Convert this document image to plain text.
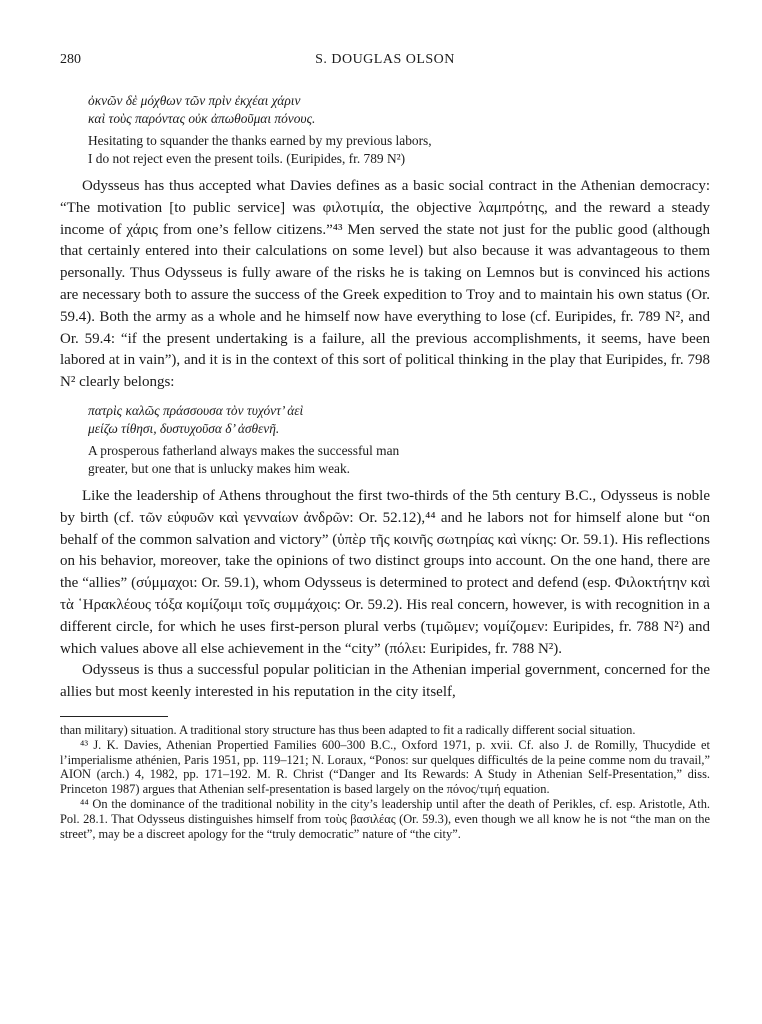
280	S. DOUGLAS OLSON

ὀκνῶν δὲ μόχθων τῶν πρὶν ἐκχέαι χάριν

καὶ τοὺς παρόντας οὐκ ἀπωθοῦμαι πόνους.

Hesitating to squander the thanks earned by my previous labors,

I do not reject even the present toils. (Euripides, fr. 789 N²)

Odysseus has thus accepted what Davies defines as a basic social contract in the Athenian democracy: “The motivation [to public service] was φιλοτιμία, the objective λαμπρότης, and the reward a steady income of χάρις from one’s fellow citizens.”⁴³ Men served the state not just for the public good (although that certainly entered into their calculations on some level) but also because it was advantageous to them personally. Thus Odysseus is fully aware of the risks he is taking on Lemnos but is convinced his actions are necessary both to assure the success of the Greek expedition to Troy and to maintain his own status (Or. 59.4). Both the army as a whole and he himself now have everything to lose (cf. Euripides, fr. 789 N², and Or. 59.4: “if the present undertaking is a failure, all the previous accomplishments, it seems, have been labored at in vain”), and it is in the context of this sort of political thinking in the play that Euripides, fr. 798 N² clearly belongs:

πατρὶς καλῶς πράσσουσα τὸν τυχόντ’ ἀεὶ

μείζω τίθησι, δυστυχοῦσα δ’ ἀσθενῆ.

A prosperous fatherland always makes the successful man

greater, but one that is unlucky makes him weak.

Like the leadership of Athens throughout the first two-thirds of the 5th century B.C., Odysseus is noble by birth (cf. τῶν εὐφυῶν καὶ γενναίων ἀνδρῶν: Or. 52.12),⁴⁴ and he labors not for himself alone but “on behalf of the common salvation and victory” (ὑπὲρ τῆς κοινῆς σωτηρίας καὶ νίκης: Or. 59.1). His reflections on his behavior, moreover, take the opinions of two distinct groups into account. On the one hand, there are the “allies” (σύμμαχοι: Or. 59.1), whom Odysseus is determined to protect and defend (esp. Φιλοκτήτην καὶ τὰ ῾Ηρακλέους τόξα κομίζοιμι τοῖς συμμάχοις: Or. 59.2). His real concern, however, is with recognition in a different circle, for which he uses first-person plural verbs (τιμῶμεν; νομίζομεν: Euripides, fr. 788 N²) and which values above all else achievement in the “city” (πόλει: Euripides, fr. 788 N²).

Odysseus is thus a successful popular politician in the Athenian imperial government, concerned for the allies but most keenly interested in his reputation in the city itself,

than military) situation. A traditional story structure has thus been adapted to fit a radically different social situation.

⁴³ J. K. Davies, Athenian Propertied Families 600–300 B.C., Oxford 1971, p. xvii. Cf. also J. de Romilly, Thucydide et l’imperialisme athénien, Paris 1951, pp. 119–121; N. Loraux, “Ponos: sur quelques difficultés de la peine comme nom du travail,” AION (arch.) 4, 1982, pp. 171–192. M. R. Christ (“Danger and Its Rewards: A Study in Athenian Self-Presentation,” diss. Princeton 1987) argues that Athenian self-presentation is based largely on the πόνος/τιμή equation.

⁴⁴ On the dominance of the traditional nobility in the city’s leadership until after the death of Perikles, cf. esp. Aristotle, Ath. Pol. 28.1. That Odysseus distinguishes himself from τοὺς βασιλέας (Or. 59.3), even though we all know he is not “the man on the street”, may be a discreet apology for the “truly democratic” nature of “the city”.
